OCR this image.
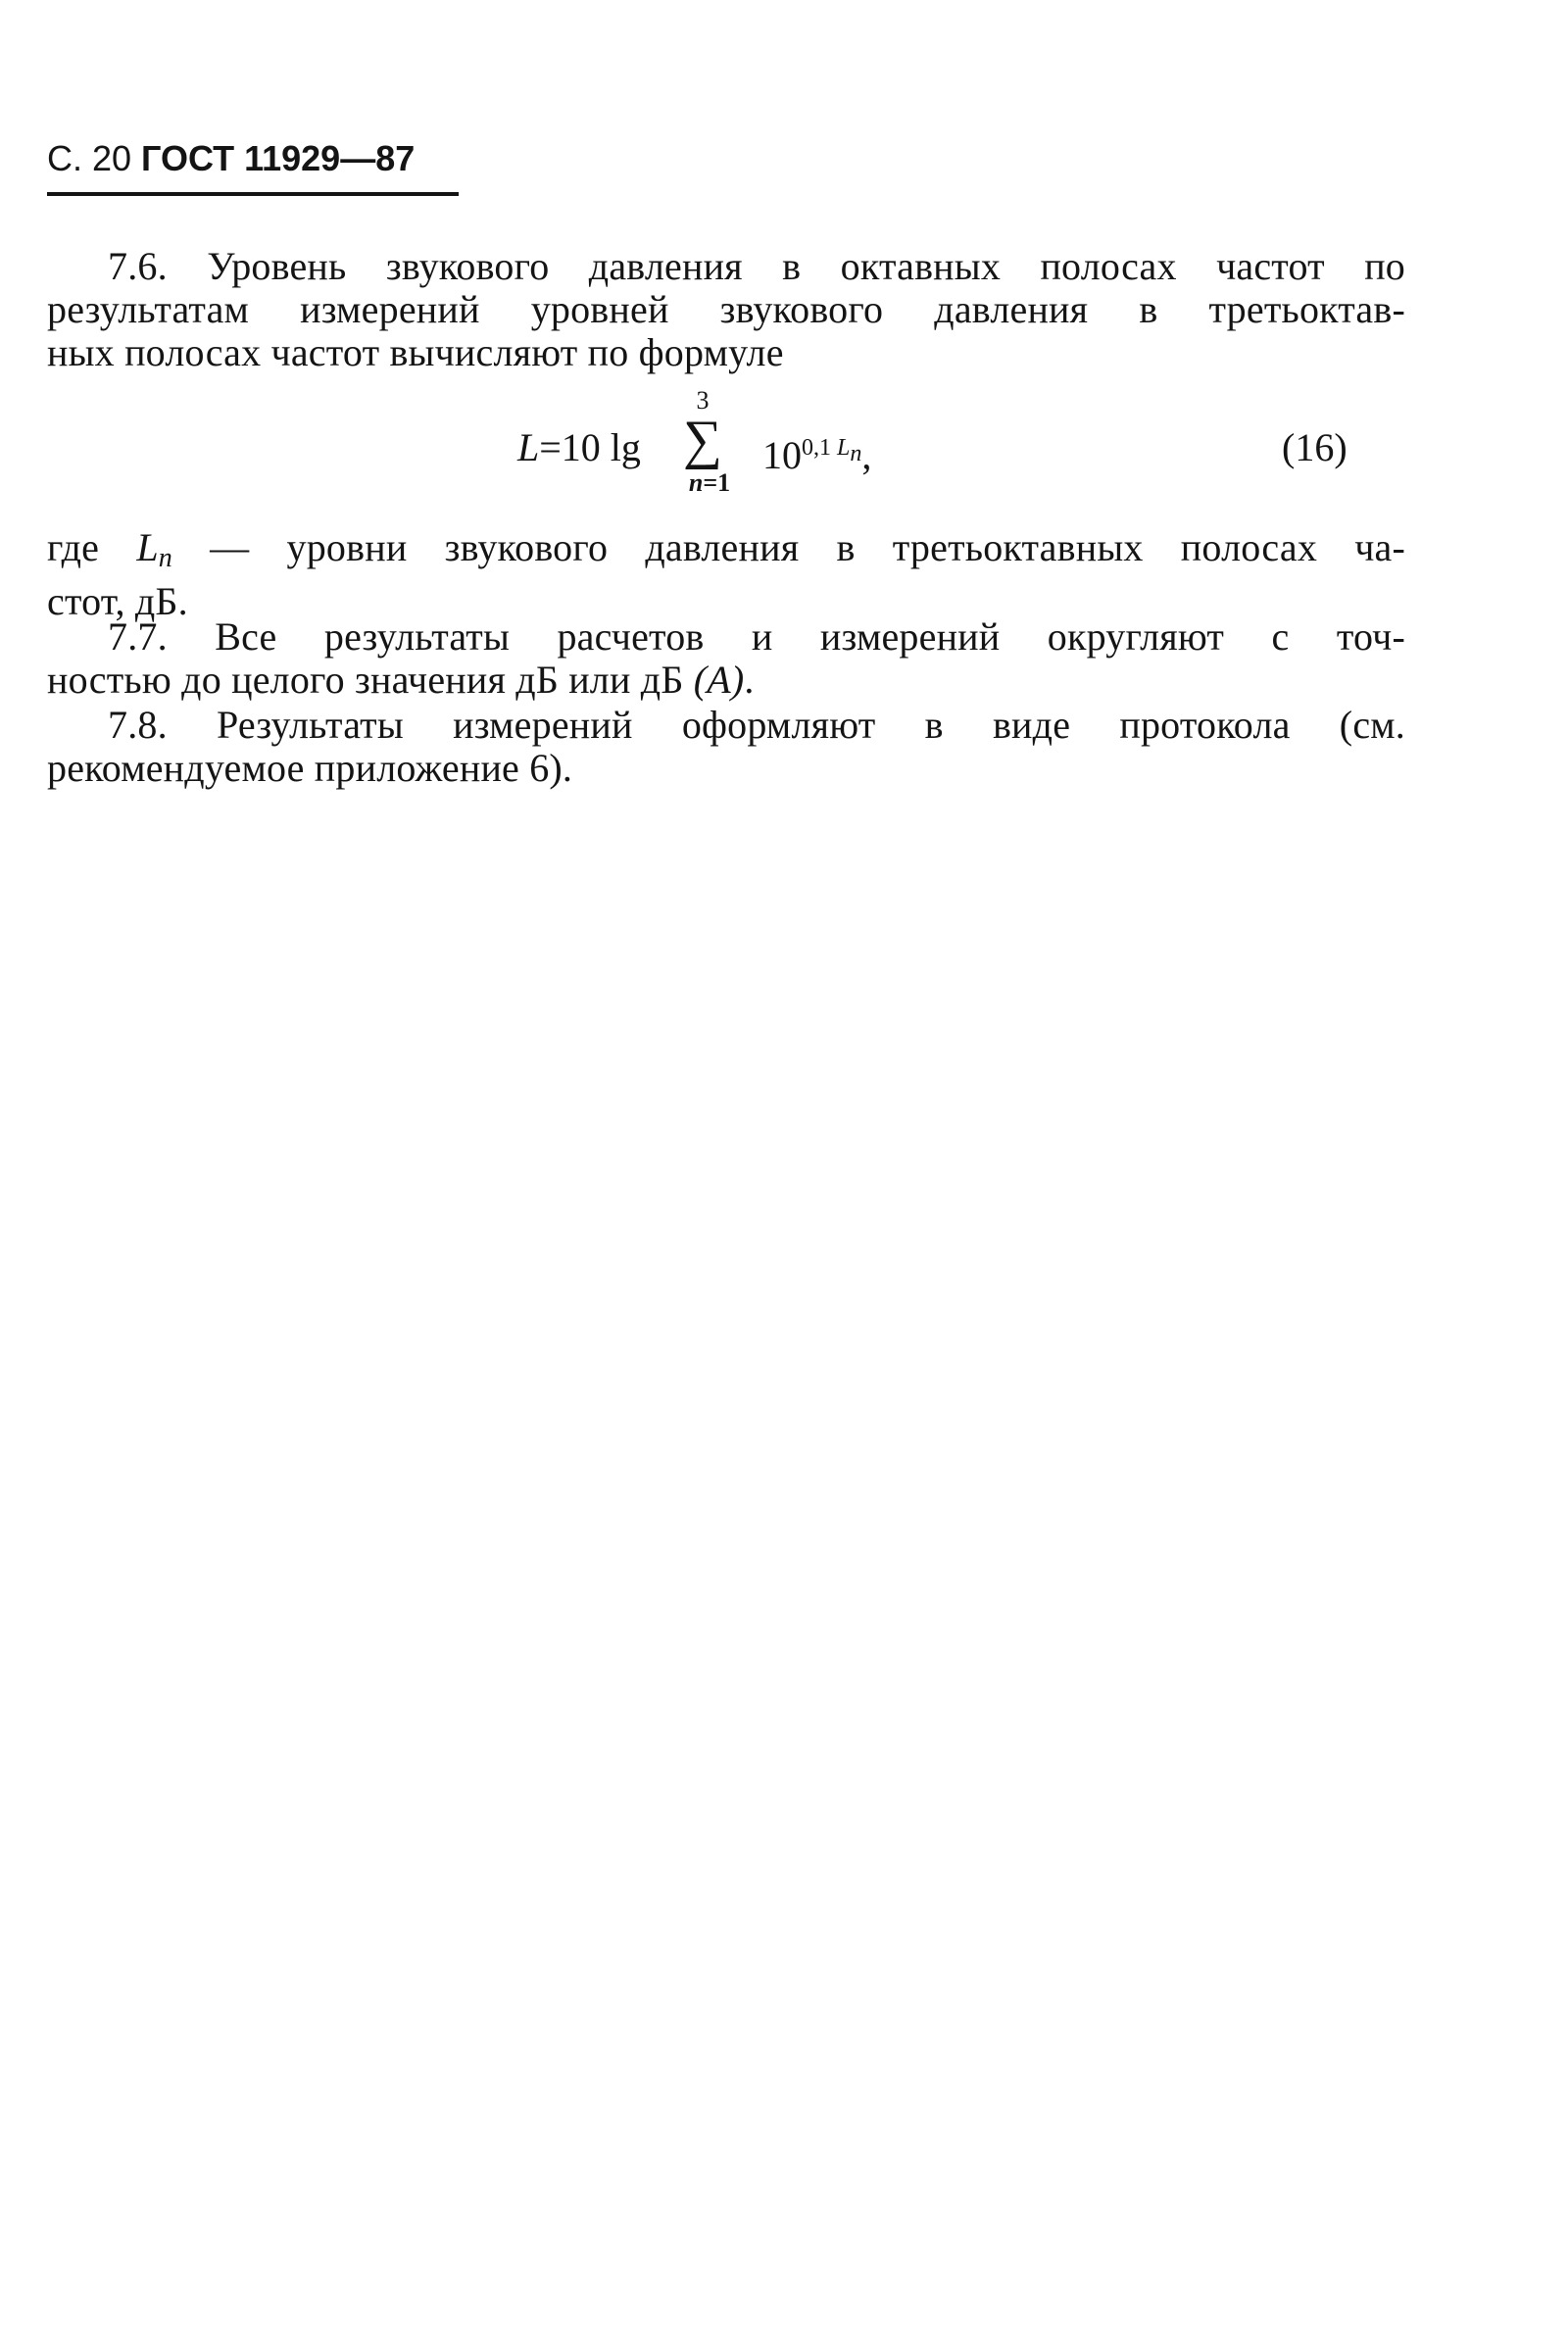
С. 20 ГОСТ 11929—87
7.6. Уровень звукового давления в октавных полосах частот по
результатам измерений уровней звукового давления в третьоктав-
ных полосах частот вычисляют по формуле
L=10 lg
3
∑
n=1
$10^{0,1 L_n}$,	(16)
где $L_n$ — уровни звукового давления в третьоктавных полосах ча-
стот, дБ.
7.7. Все результаты расчетов и измерений округляют с точ-
ностью до целого значения дБ или дБ (А).
7.8. Результаты измерений оформляют в виде протокола (см.
рекомендуемое приложение 6).
